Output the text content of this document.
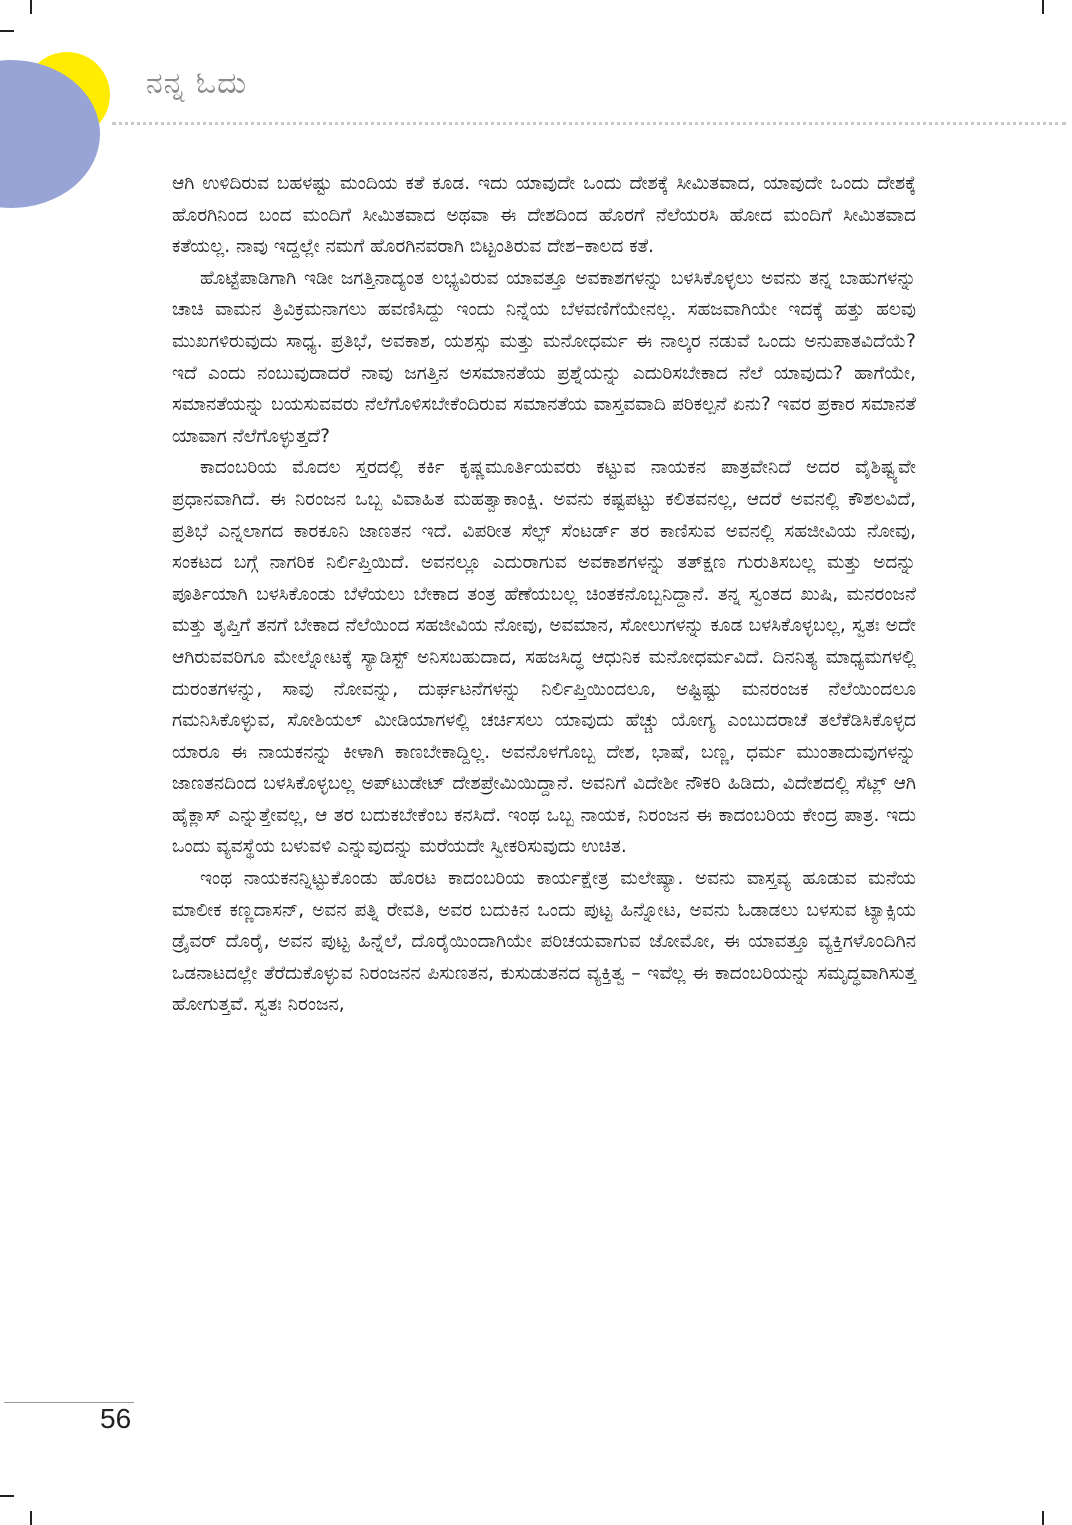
ನನ್ನ ಓದು

ಆಗಿ ಉಳಿದಿರುವ ಬಹಳಷ್ಟು ಮಂದಿಯ ಕತೆ ಕೂಡ. ಇದು ಯಾವುದೇ ಒಂದು ದೇಶಕ್ಕೆ ಸೀಮಿತವಾದ, ಯಾವುದೇ ಒಂದು ದೇಶಕ್ಕೆ ಹೊರಗಿನಿಂದ ಬಂದ ಮಂದಿಗೆ ಸೀಮಿತವಾದ ಅಥವಾ ಈ ದೇಶದಿಂದ ಹೊರಗೆ ನೆಲೆಯರಸಿ ಹೋದ ಮಂದಿಗೆ ಸೀಮಿತವಾದ ಕತೆಯಲ್ಲ. ನಾವು ಇದ್ದಲ್ಲೇ ನಮಗೆ ಹೊರಗಿನವರಾಗಿ ಬಿಟ್ಟಂತಿರುವ ದೇಶ–ಕಾಲದ ಕತೆ.

ಹೊಟ್ಟೆಪಾಡಿಗಾಗಿ ಇಡೀ ಜಗತ್ತಿನಾದ್ಯಂತ ಲಭ್ಯವಿರುವ ಯಾವತ್ತೂ ಅವಕಾಶಗಳನ್ನು ಬಳಸಿಕೊಳ್ಳಲು ಅವನು ತನ್ನ ಬಾಹುಗಳನ್ನು ಚಾಚಿ ವಾಮನ ತ್ರಿವಿಕ್ರಮನಾಗಲು ಹವಣಿಸಿದ್ದು ಇಂದು ನಿನ್ನೆಯ ಬೆಳವಣಿಗೆಯೇನಲ್ಲ. ಸಹಜವಾಗಿಯೇ ಇದಕ್ಕೆ ಹತ್ತು ಹಲವು ಮುಖಗಳಿರುವುದು ಸಾಧ್ಯ. ಪ್ರತಿಭೆ, ಅವಕಾಶ, ಯಶಸ್ಸು ಮತ್ತು ಮನೋಧರ್ಮ ಈ ನಾಲ್ಕರ ನಡುವೆ ಒಂದು ಅನುಪಾತವಿದೆಯೆ? ಇದೆ ಎಂದು ನಂಬುವುದಾದರೆ ನಾವು ಜಗತ್ತಿನ ಅಸಮಾನತೆಯ ಪ್ರಶ್ನೆಯನ್ನು ಎದುರಿಸಬೇಕಾದ ನೆಲೆ ಯಾವುದು? ಹಾಗೆಯೇ, ಸಮಾನತೆಯನ್ನು ಬಯಸುವವರು ನೆಲೆಗೊಳಿಸಬೇಕೆಂದಿರುವ ಸಮಾನತೆಯ ವಾಸ್ತವವಾದಿ ಪರಿಕಲ್ಪನೆ ಏನು? ಇವರ ಪ್ರಕಾರ ಸಮಾನತೆ ಯಾವಾಗ ನೆಲೆಗೊಳ್ಳುತ್ತದೆ?

ಕಾದಂಬರಿಯ ಮೊದಲ ಸ್ತರದಲ್ಲಿ ಕರ್ಕಿ ಕೃಷ್ಣಮೂರ್ತಿಯವರು ಕಟ್ಟುವ ನಾಯಕನ ಪಾತ್ರವೇನಿದೆ ಅದರ ವೈಶಿಷ್ಟ್ಯವೇ ಪ್ರಧಾನವಾಗಿದೆ. ಈ ನಿರಂಜನ ಒಬ್ಬ ವಿವಾಹಿತ ಮಹತ್ವಾಕಾಂಕ್ಷಿ. ಅವನು ಕಷ್ಟಪಟ್ಟು ಕಲಿತವನಲ್ಲ, ಆದರೆ ಅವನಲ್ಲಿ ಕೌಶಲವಿದೆ, ಪ್ರತಿಭೆ ಎನ್ನಲಾಗದ ಕಾರಕೂನಿ ಜಾಣತನ ಇದೆ. ವಿಪರೀತ ಸೆಲ್ಫ್ ಸೆಂಟರ್ಡ್ ತರ ಕಾಣಿಸುವ ಅವನಲ್ಲಿ ಸಹಜೀವಿಯ ನೋವು, ಸಂಕಟದ ಬಗ್ಗೆ ನಾಗರಿಕ ನಿರ್ಲಿಪ್ತಿಯಿದೆ. ಅವನಲ್ಲೂ ಎದುರಾಗುವ ಅವಕಾಶಗಳನ್ನು ತತ್ಕ್ಷಣ ಗುರುತಿಸಬಲ್ಲ ಮತ್ತು ಅದನ್ನು ಪೂರ್ತಿಯಾಗಿ ಬಳಸಿಕೊಂಡು ಬೆಳೆಯಲು ಬೇಕಾದ ತಂತ್ರ ಹೆಣೆಯಬಲ್ಲ ಚಿಂತಕನೊಬ್ಬನಿದ್ದಾನೆ. ತನ್ನ ಸ್ವಂತದ ಖುಷಿ, ಮನರಂಜನೆ ಮತ್ತು ತೃಪ್ತಿಗೆ ತನಗೆ ಬೇಕಾದ ನೆಲೆಯಿಂದ ಸಹಜೀವಿಯ ನೋವು, ಅವಮಾನ, ಸೋಲುಗಳನ್ನು ಕೂಡ ಬಳಸಿಕೊಳ್ಳಬಲ್ಲ, ಸ್ವತಃ ಅದೇ ಆಗಿರುವವರಿಗೂ ಮೇಲ್ನೋಟಕ್ಕೆ ಸ್ಯಾಡಿಸ್ಟ್ ಅನಿಸಬಹುದಾದ, ಸಹಜಸಿದ್ಧ ಆಧುನಿಕ ಮನೋಧರ್ಮವಿದೆ. ದಿನನಿತ್ಯ ಮಾಧ್ಯಮಗಳಲ್ಲಿ ದುರಂತಗಳನ್ನು, ಸಾವು ನೋವನ್ನು, ದುರ್ಘಟನೆಗಳನ್ನು ನಿರ್ಲಿಪ್ತಿಯಿಂದಲೂ, ಅಷ್ಟಿಷ್ಟು ಮನರಂಜಕ ನೆಲೆಯಿಂದಲೂ ಗಮನಿಸಿಕೊಳ್ಳುವ, ಸೋಶಿಯಲ್ ಮೀಡಿಯಾಗಳಲ್ಲಿ ಚರ್ಚಿಸಲು ಯಾವುದು ಹೆಚ್ಚು ಯೋಗ್ಯ ಎಂಬುದರಾಚೆ ತಲೆಕೆಡಿಸಿಕೊಳ್ಳದ ಯಾರೂ ಈ ನಾಯಕನನ್ನು ಕೀಳಾಗಿ ಕಾಣಬೇಕಾದ್ದಿಲ್ಲ. ಅವನೊಳಗೊಬ್ಬ ದೇಶ, ಭಾಷೆ, ಬಣ್ಣ, ಧರ್ಮ ಮುಂತಾದುವುಗಳನ್ನು ಜಾಣತನದಿಂದ ಬಳಸಿಕೊಳ್ಳಬಲ್ಲ ಅಪ್‌ಟುಡೇಟ್ ದೇಶಪ್ರೇಮಿಯಿದ್ದಾನೆ. ಅವನಿಗೆ ವಿದೇಶೀ ನೌಕರಿ ಹಿಡಿದು, ವಿದೇಶದಲ್ಲಿ ಸೆಟ್ಲ್ ಆಗಿ ಹೈಕ್ಲಾಸ್ ಎನ್ನುತ್ತೇವಲ್ಲ, ಆ ತರ ಬದುಕಬೇಕೆಂಬ ಕನಸಿದೆ. ಇಂಥ ಒಬ್ಬ ನಾಯಕ, ನಿರಂಜನ ಈ ಕಾದಂಬರಿಯ ಕೇಂದ್ರ ಪಾತ್ರ. ಇದು ಒಂದು ವ್ಯವಸ್ಥೆಯ ಬಳುವಳಿ ಎನ್ನುವುದನ್ನು ಮರೆಯದೇ ಸ್ವೀಕರಿಸುವುದು ಉಚಿತ.

ಇಂಥ ನಾಯಕನನ್ನಿಟ್ಟುಕೊಂಡು ಹೊರಟ ಕಾದಂಬರಿಯ ಕಾರ್ಯಕ್ಷೇತ್ರ ಮಲೇಷ್ಯಾ. ಅವನು ವಾಸ್ತವ್ಯ ಹೂಡುವ ಮನೆಯ ಮಾಲೀಕ ಕಣ್ಣದಾಸನ್, ಅವನ ಪತ್ನಿ ರೇವತಿ, ಅವರ ಬದುಕಿನ ಒಂದು ಪುಟ್ಟ ಹಿನ್ನೋಟ, ಅವನು ಓಡಾಡಲು ಬಳಸುವ ಟ್ಯಾಕ್ಸಿಯ ಡ್ರೈವರ್ ದೊರೈ, ಅವನ ಪುಟ್ಟ ಹಿನ್ನೆಲೆ, ದೊರೈಯಿಂದಾಗಿಯೇ ಪರಿಚಯವಾಗುವ ಜೋಮೋ, ಈ ಯಾವತ್ತೂ ವ್ಯಕ್ತಿಗಳೊಂದಿಗಿನ ಒಡನಾಟದಲ್ಲೇ ತೆರೆದುಕೊಳ್ಳುವ ನಿರಂಜನನ ಪಿಸುಣತನ, ಕುಸುಡುತನದ ವ್ಯಕ್ತಿತ್ವ – ಇವೆಲ್ಲ ಈ ಕಾದಂಬರಿಯನ್ನು ಸಮೃದ್ಧವಾಗಿಸುತ್ತ ಹೋಗುತ್ತವೆ. ಸ್ವತಃ ನಿರಂಜನ,

56
